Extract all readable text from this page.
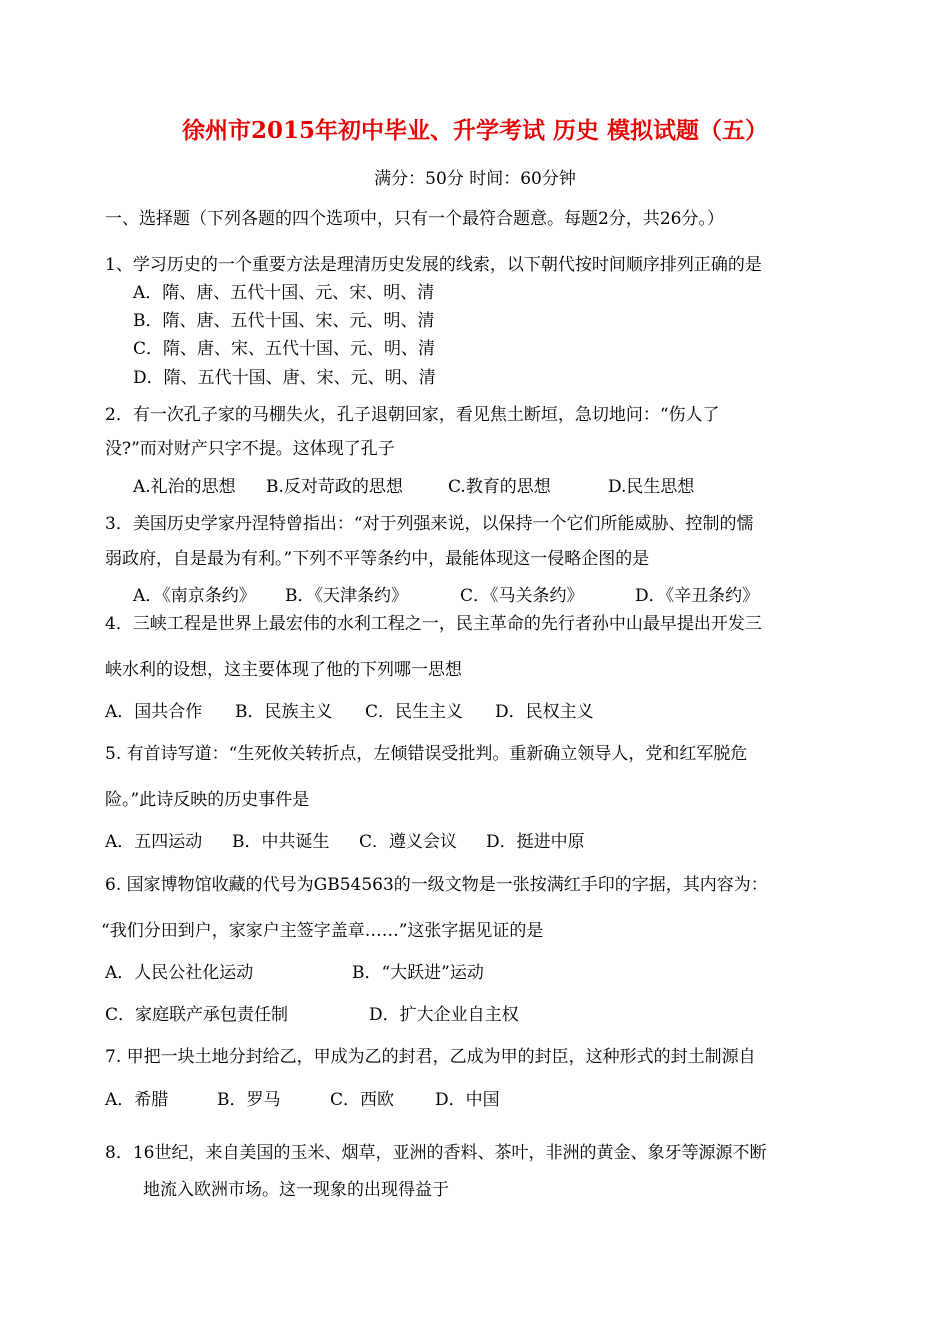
徐州市2015年初中毕业、升学考试 历史 模拟试题（五）
满分：50分 时间：60分钟
一、选择题（下列各题的四个选项中，只有一个最符合题意。每题2分，共26分。）
1、学习历史的一个重要方法是理清历史发展的线索，以下朝代按时间顺序排列正确的是
A．隋、唐、五代十国、元、宋、明、清
B．隋、唐、五代十国、宋、元、明、清
C．隋、唐、宋、五代十国、元、明、清
D．隋、五代十国、唐、宋、元、明、清
2．有一次孔子家的马棚失火，孔子退朝回家，看见焦土断垣，急切地问：“伤人了
没?”而对财产只字不提。这体现了孔子
A.礼治的思想 B.反对苛政的思想	C.教育的思想	D.民生思想
3．美国历史学家丹涅特曾指出：“对于列强来说，以保持一个它们所能威胁、控制的懦
弱政府，自是最为有利。”下列不平等条约中，最能体现这一侵略企图的是
A．《南京条约》 B．《天津条约》	C．《马关条约》	D．《辛丑条约》
4．三峡工程是世界上最宏伟的水利工程之一，民主革命的先行者孙中山最早提出开发三
峡水利的设想，这主要体现了他的下列哪一思想
A．国共合作 B．民族主义 C．民生主义 D．民权主义
5. 有首诗写道：“生死攸关转折点，左倾错误受批判。重新确立领导人，党和红军脱危
险。”此诗反映的历史事件是
A．五四运动 B．中共诞生 C．遵义会议 D．挺进中原
6. 国家博物馆收藏的代号为GB54563的一级文物是一张按满红手印的字据，其内容为：
“我们分田到户，家家户主签字盖章……”这张字据见证的是
A．人民公社化运动	B．“大跃进”运动
C．家庭联产承包责任制	D．扩大企业自主权
7. 甲把一块土地分封给乙，甲成为乙的封君，乙成为甲的封臣，这种形式的封土制源自
A．希腊	B．罗马	C．西欧 D．中国
8．16世纪，来自美国的玉米、烟草，亚洲的香料、茶叶，非洲的黄金、象牙等源源不断
地流入欧洲市场。这一现象的出现得益于
